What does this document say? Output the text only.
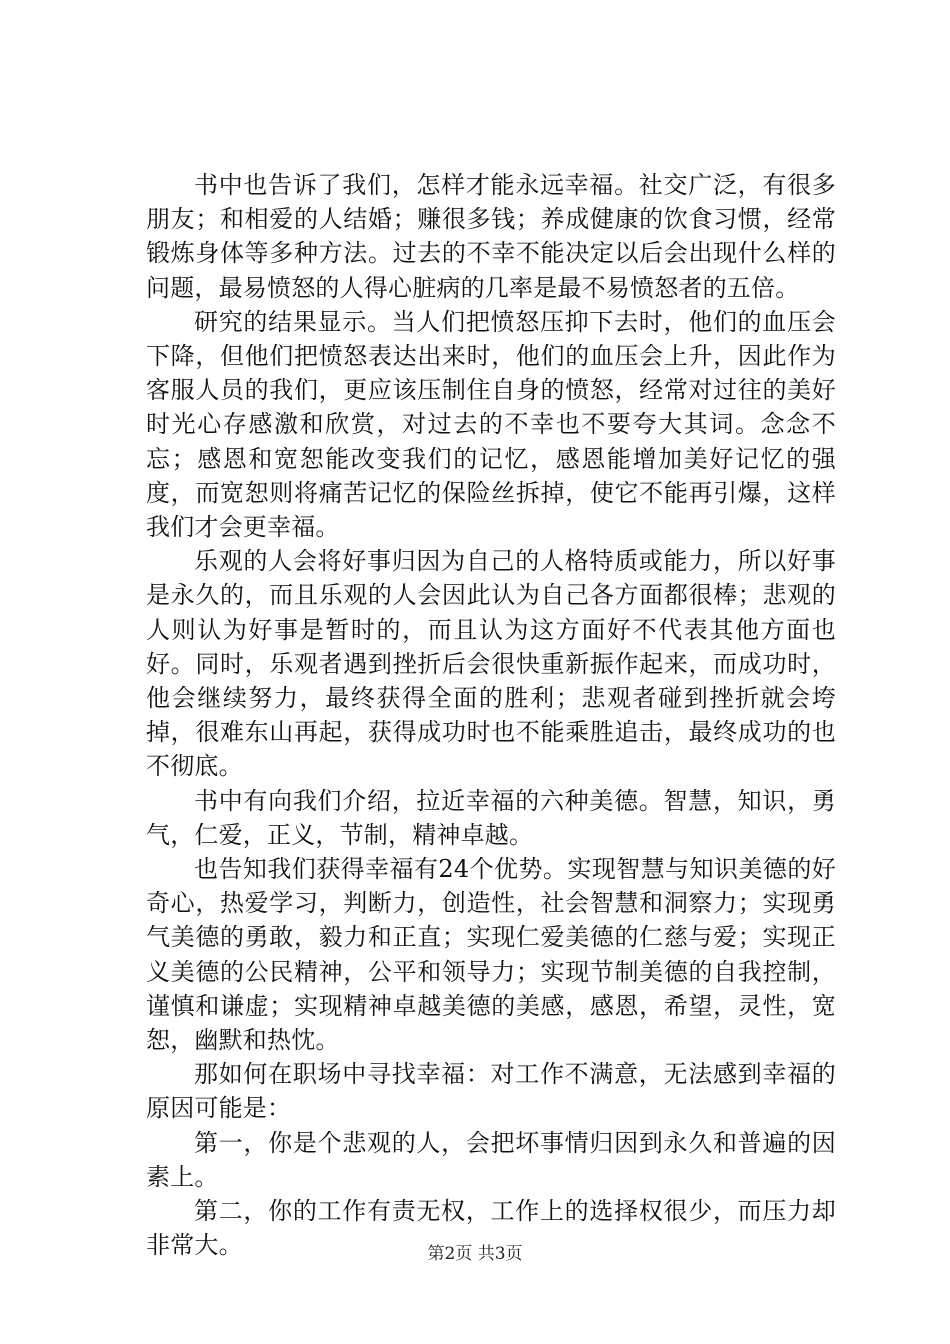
书中也告诉了我们，怎样才能永远幸福。社交广泛，有很多朋友；和相爱的人结婚；赚很多钱；养成健康的饮食习惯，经常锻炼身体等多种方法。过去的不幸不能决定以后会出现什么样的问题，最易愤怒的人得心脏病的几率是最不易愤怒者的五倍。

研究的结果显示。当人们把愤怒压抑下去时，他们的血压会下降，但他们把愤怒表达出来时，他们的血压会上升，因此作为客服人员的我们，更应该压制住自身的愤怒，经常对过往的美好时光心存感激和欣赏，对过去的不幸也不要夸大其词。念念不忘；感恩和宽恕能改变我们的记忆，感恩能增加美好记忆的强度，而宽恕则将痛苦记忆的保险丝拆掉，使它不能再引爆，这样我们才会更幸福。

乐观的人会将好事归因为自己的人格特质或能力，所以好事是永久的，而且乐观的人会因此认为自己各方面都很棒；悲观的人则认为好事是暂时的，而且认为这方面好不代表其他方面也好。同时，乐观者遇到挫折后会很快重新振作起来，而成功时，他会继续努力，最终获得全面的胜利；悲观者碰到挫折就会垮掉，很难东山再起，获得成功时也不能乘胜追击，最终成功的也不彻底。

书中有向我们介绍，拉近幸福的六种美德。智慧，知识，勇气，仁爱，正义，节制，精神卓越。

也告知我们获得幸福有24个优势。实现智慧与知识美德的好奇心，热爱学习，判断力，创造性，社会智慧和洞察力；实现勇气美德的勇敢，毅力和正直；实现仁爱美德的仁慈与爱；实现正义美德的公民精神，公平和领导力；实现节制美德的自我控制，谨慎和谦虚；实现精神卓越美德的美感，感恩，希望，灵性，宽恕，幽默和热忱。

那如何在职场中寻找幸福：对工作不满意，无法感到幸福的原因可能是：

第一，你是个悲观的人，会把坏事情归因到永久和普遍的因素上。

第二，你的工作有责无权，工作上的选择权很少，而压力却非常大。	第2页 共3页
